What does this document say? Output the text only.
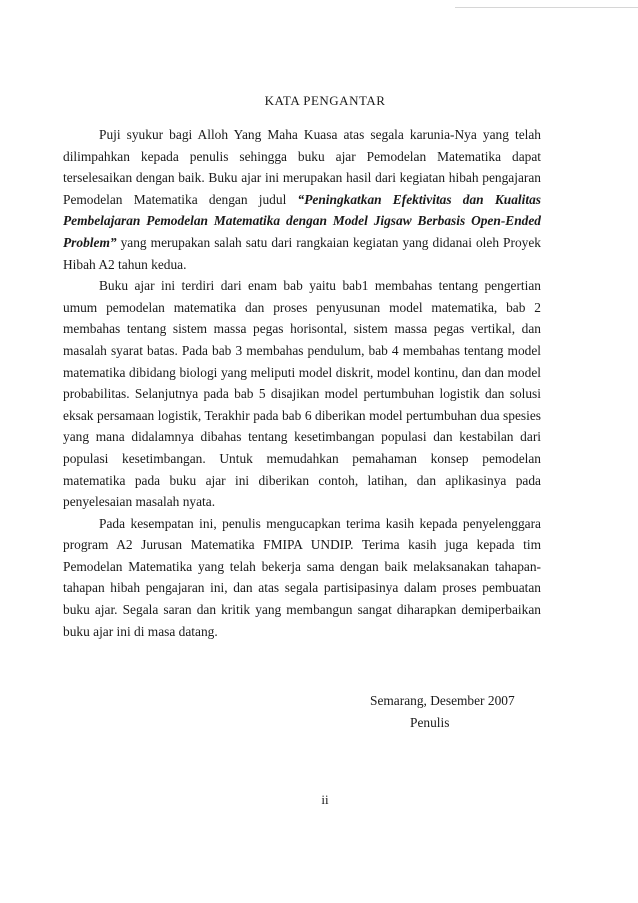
KATA PENGANTAR

Puji syukur bagi Alloh Yang Maha Kuasa atas segala karunia-Nya yang telah dilimpahkan kepada penulis sehingga buku ajar Pemodelan Matematika dapat terselesaikan dengan baik. Buku ajar ini merupakan hasil dari kegiatan hibah pengajaran Pemodelan Matematika dengan judul “Peningkatkan Efektivitas dan Kualitas Pembelajaran Pemodelan Matematika dengan Model Jigsaw Berbasis Open-Ended Problem” yang merupakan salah satu dari rangkaian kegiatan yang didanai oleh Proyek Hibah A2 tahun kedua.

Buku ajar ini terdiri dari enam bab yaitu bab1 membahas tentang pengertian umum pemodelan matematika dan proses penyusunan model matematika, bab 2 membahas tentang sistem massa pegas horisontal, sistem massa pegas vertikal, dan masalah syarat batas. Pada bab 3 membahas pendulum, bab 4 membahas tentang model matematika dibidang biologi yang meliputi model diskrit, model kontinu, dan dan model probabilitas. Selanjutnya pada bab 5 disajikan model pertumbuhan logistik dan solusi eksak persamaan logistik, Terakhir pada bab 6 diberikan model pertumbuhan dua spesies yang mana didalamnya dibahas tentang kesetimbangan populasi dan kestabilan dari populasi kesetimbangan. Untuk memudahkan pemahaman konsep pemodelan matematika pada buku ajar ini diberikan contoh, latihan, dan aplikasinya pada penyelesaian masalah nyata.

Pada kesempatan ini, penulis mengucapkan terima kasih kepada penyelenggara program A2 Jurusan Matematika FMIPA UNDIP. Terima kasih juga kepada tim Pemodelan Matematika yang telah bekerja sama dengan baik melaksanakan tahapan-tahapan hibah pengajaran ini, dan atas segala partisipasinya dalam proses pembuatan buku ajar. Segala saran dan kritik yang membangun sangat diharapkan demiperbaikan buku ajar ini di masa datang.

Semarang, Desember 2007
Penulis
ii
